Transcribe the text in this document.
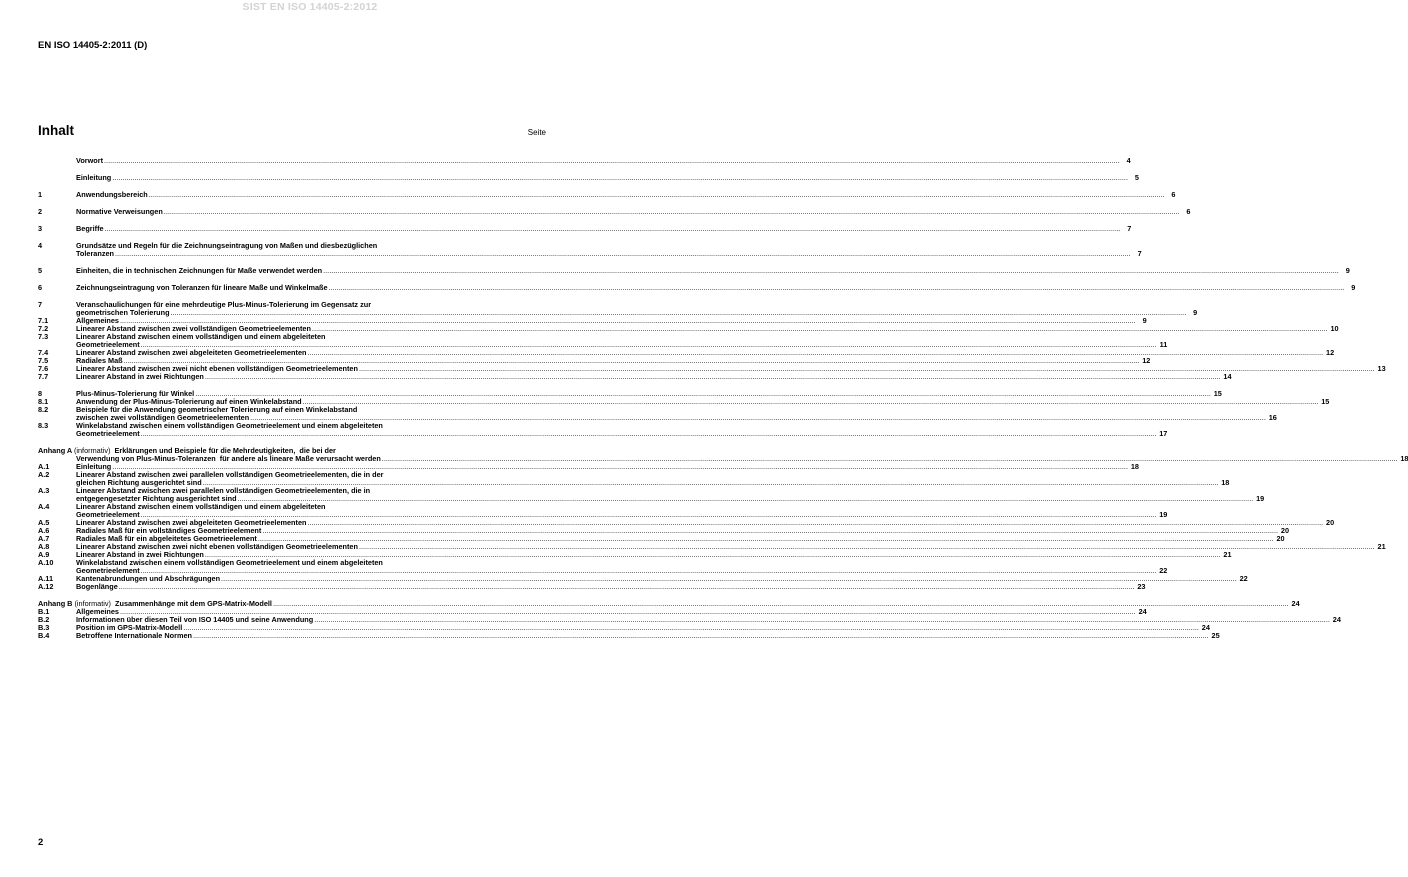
SIST EN ISO 14405-2:2012
EN ISO 14405-2:2011 (D)
Inhalt	Seite
Vorwort .....	4
Einleitung .....	5
1	Anwendungsbereich .....	6
2	Normative Verweisungen .....	6
3	Begriffe .....	7
4	Grundsätze und Regeln für die Zeichnungseintragung von Maßen und diesbezüglichen
Toleranzen .....	7
5	Einheiten, die in technischen Zeichnungen für Maße verwendet werden .....	9
6	Zeichnungseintragung von Toleranzen für lineare Maße und Winkelmaße .....	9
7	Veranschaulichungen für eine mehrdeutige Plus-Minus-Tolerierung im Gegensatz zur
geometrischen Tolerierung .....	9
7.1	Allgemeines .....	9
7.2	Linearer Abstand zwischen zwei vollständigen Geometrieelementen .....	10
7.3	Linearer Abstand zwischen einem vollständigen und einem abgeleiteten
Geometrieelement .....	11
7.4	Linearer Abstand zwischen zwei abgeleiteten Geometrieelementen .....	12
7.5	Radiales Maß .....	12
7.6	Linearer Abstand zwischen zwei nicht ebenen vollständigen Geometrieelementen .....	13
7.7	Linearer Abstand in zwei Richtungen .....	14
8	Plus-Minus-Tolerierung für Winkel .....	15
8.1	Anwendung der Plus-Minus-Tolerierung auf einen Winkelabstand .....	15
8.2	Beispiele für die Anwendung geometrischer Tolerierung auf einen Winkelabstand
zwischen zwei vollständigen Geometrieelementen .....	16
8.3	Winkelabstand zwischen einem vollständigen Geometrieelement und einem abgeleiteten
Geometrieelement .....	17
Anhang A (informativ)  Erklärungen und Beispiele für die Mehrdeutigkeiten,  die bei der
Verwendung von Plus-Minus-Toleranzen  für andere als lineare Maße verursacht werden .....	18
A.1	Einleitung .....	18
A.2	Linearer Abstand zwischen zwei parallelen vollständigen Geometrieelementen, die in der
gleichen Richtung ausgerichtet sind .....	18
A.3	Linearer Abstand zwischen zwei parallelen vollständigen Geometrieelementen, die in
entgegengesetzter Richtung ausgerichtet sind .....	19
A.4	Linearer Abstand zwischen einem vollständigen und einem abgeleiteten
Geometrieelement .....	19
A.5	Linearer Abstand zwischen zwei abgeleiteten Geometrieelementen .....	20
A.6	Radiales Maß für ein vollständiges Geometrieelement .....	20
A.7	Radiales Maß für ein abgeleitetes Geometrieelement .....	20
A.8	Linearer Abstand zwischen zwei nicht ebenen vollständigen Geometrieelementen .....	21
A.9	Linearer Abstand in zwei Richtungen .....	21
A.10	Winkelabstand zwischen einem vollständigen Geometrieelement und einem abgeleiteten
Geometrieelement .....	22
A.11	Kantenabrundungen und Abschrägungen .....	22
A.12	Bogenlänge .....	23
Anhang B (informativ)  Zusammenhänge mit dem GPS-Matrix-Modell .....	24
B.1	Allgemeines .....	24
B.2	Informationen über diesen Teil von ISO 14405 und seine Anwendung .....	24
B.3	Position im GPS-Matrix-Modell .....	24
B.4	Betroffene Internationale Normen .....	25
2
